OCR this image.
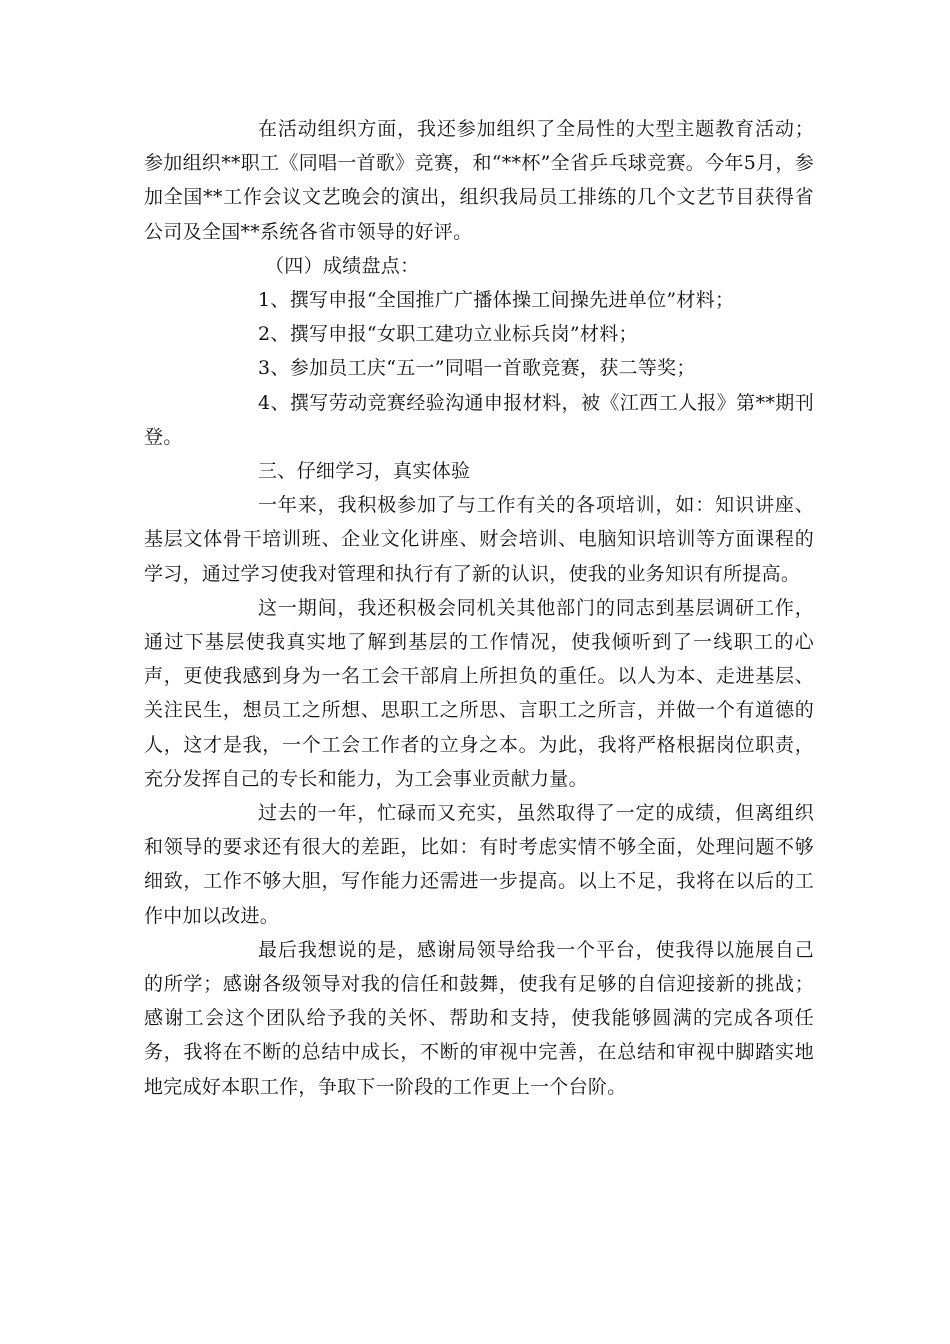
在活动组织方面，我还参加组织了全局性的大型主题教育活动；参加组织**职工《同唱一首歌》竞赛，和“**杯”全省乒乓球竞赛。今年5月，参加全国**工作会议文艺晚会的演出，组织我局员工排练的几个文艺节目获得省公司及全国**系统各省市领导的好评。

（四）成绩盘点：

1、撰写申报“全国推广广播体操工间操先进单位”材料；

2、撰写申报“女职工建功立业标兵岗”材料；

3、参加员工庆“五一”同唱一首歌竞赛，获二等奖；

4、撰写劳动竞赛经验沟通申报材料，被《江西工人报》第**期刊登。

三、仔细学习，真实体验

一年来，我积极参加了与工作有关的各项培训，如：知识讲座、基层文体骨干培训班、企业文化讲座、财会培训、电脑知识培训等方面课程的学习，通过学习使我对管理和执行有了新的认识，使我的业务知识有所提高。

这一期间，我还积极会同机关其他部门的同志到基层调研工作，通过下基层使我真实地了解到基层的工作情况，使我倾听到了一线职工的心声，更使我感到身为一名工会干部肩上所担负的重任。以人为本、走进基层、关注民生，想员工之所想、思职工之所思、言职工之所言，并做一个有道德的人，这才是我，一个工会工作者的立身之本。为此，我将严格根据岗位职责，充分发挥自己的专长和能力，为工会事业贡献力量。

过去的一年，忙碌而又充实，虽然取得了一定的成绩，但离组织和领导的要求还有很大的差距，比如：有时考虑实情不够全面，处理问题不够细致，工作不够大胆，写作能力还需进一步提高。以上不足，我将在以后的工作中加以改进。

最后我想说的是，感谢局领导给我一个平台，使我得以施展自己的所学；感谢各级领导对我的信任和鼓舞，使我有足够的自信迎接新的挑战；感谢工会这个团队给予我的关怀、帮助和支持，使我能够圆满的完成各项任务，我将在不断的总结中成长，不断的审视中完善，在总结和审视中脚踏实地地完成好本职工作，争取下一阶段的工作更上一个台阶。
